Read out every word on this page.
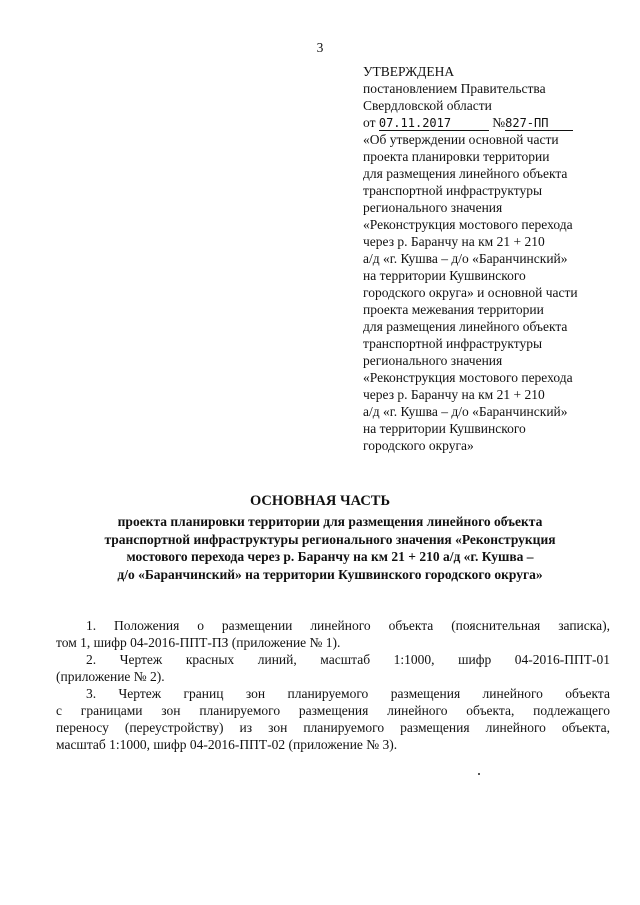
3
УТВЕРЖДЕНА
постановлением Правительства
Свердловской области
от 07.11.2017	№827-ПП
«Об утверждении основной части
проекта планировки территории
для размещения линейного объекта
транспортной инфраструктуры
регионального значения
«Реконструкция мостового перехода
через р. Баранчу на км 21 + 210
а/д «г. Кушва – д/о «Баранчинский»
на территории Кушвинского
городского округа» и основной части
проекта межевания территории
для размещения линейного объекта
транспортной инфраструктуры
регионального значения
«Реконструкция мостового перехода
через р. Баранчу на км 21 + 210
а/д «г. Кушва – д/о «Баранчинский»
на территории Кушвинского
городского округа»
ОСНОВНАЯ ЧАСТЬ
проекта планировки территории для размещения линейного объекта
транспортной инфраструктуры регионального значения «Реконструкция
мостового перехода через р. Баранчу на км 21 + 210 а/д «г. Кушва –
д/о «Баранчинский» на территории Кушвинского городского округа»
1. Положения о размещении линейного объекта (пояснительная записка),
том 1, шифр 04-2016-ППТ-ПЗ (приложение № 1).
2. Чертеж красных линий, масштаб 1:1000, шифр 04-2016-ППТ-01
(приложение № 2).
3. Чертеж границ зон планируемого размещения линейного объекта
с границами зон планируемого размещения линейного объекта, подлежащего
переносу (переустройству) из зон планируемого размещения линейного объекта,
масштаб 1:1000, шифр 04-2016-ППТ-02 (приложение № 3).
